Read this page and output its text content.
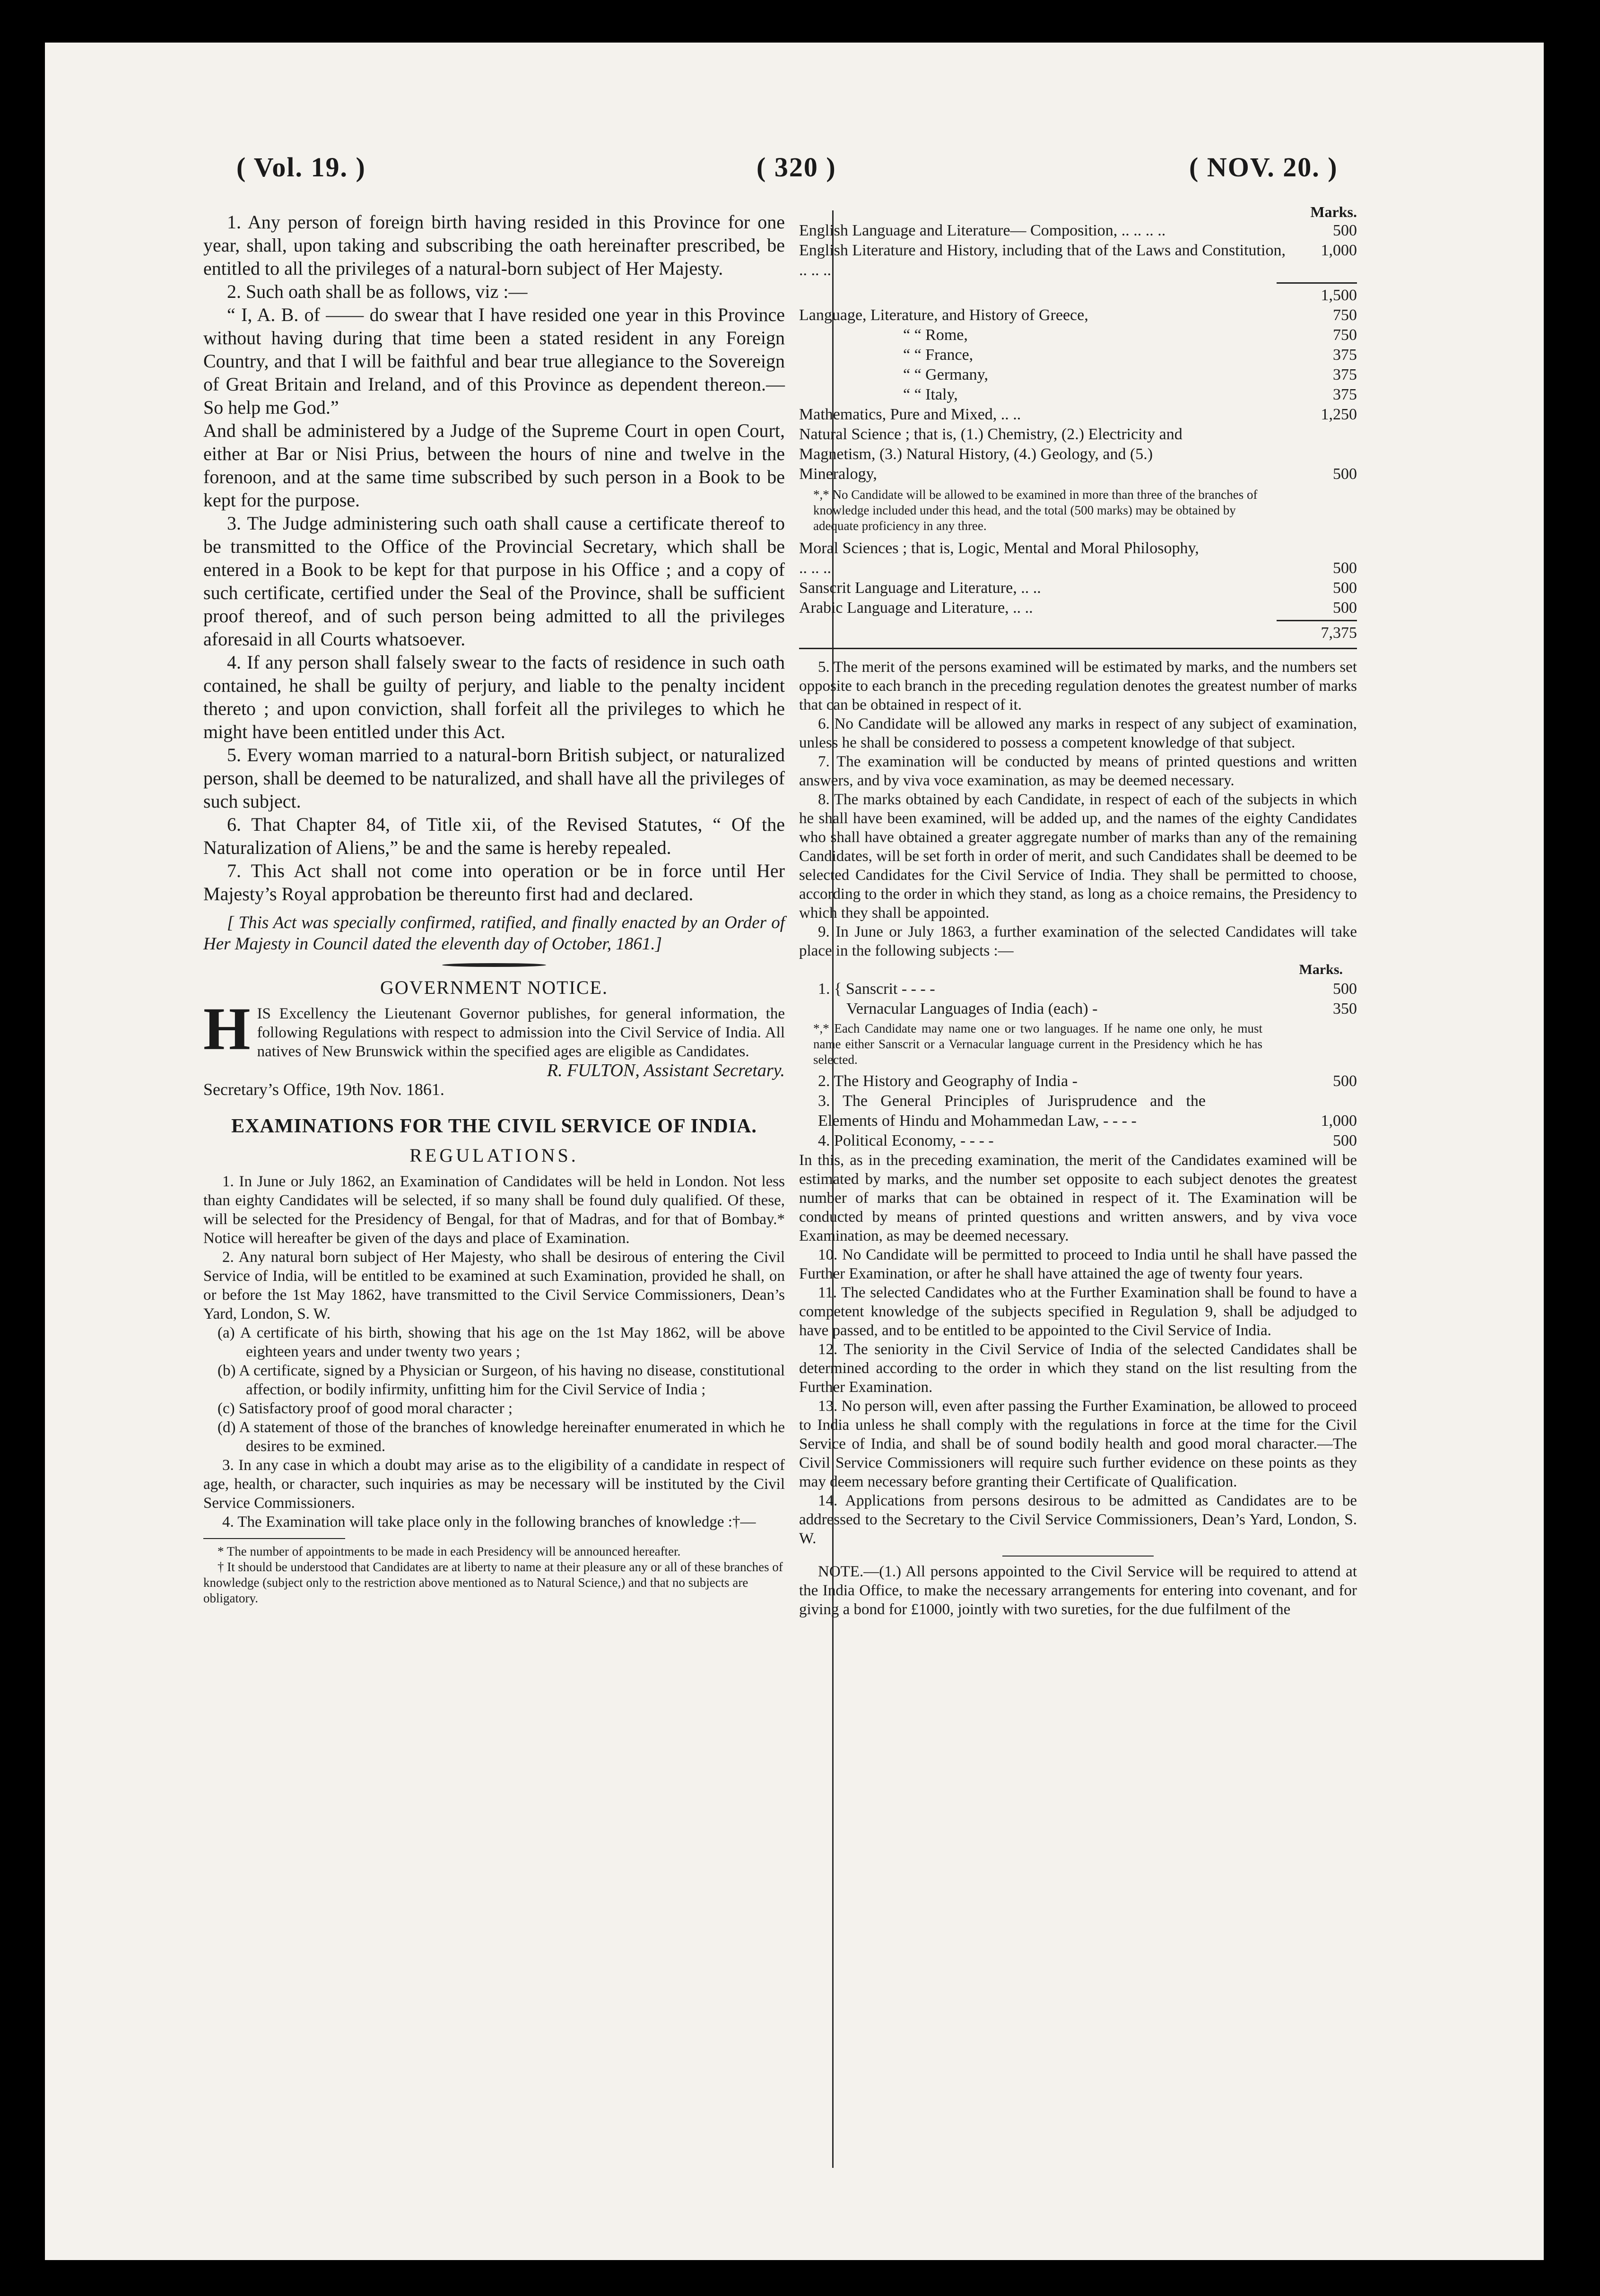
( Vol. 19. )	( 320 )	( NOV. 20. )

1. Any person of foreign birth having resided in this Province for one year, shall, upon taking and subscribing the oath hereinafter prescribed, be entitled to all the privileges of a natural-born subject of Her Majesty.

2. Such oath shall be as follows, viz :—

“ I, A. B. of —— do swear that I have resided one year in this Province without having during that time been a stated resident in any Foreign Country, and that I will be faithful and bear true allegiance to the Sovereign of Great Britain and Ireland, and of this Province as dependent thereon.— So help me God.”

And shall be administered by a Judge of the Supreme Court in open Court, either at Bar or Nisi Prius, between the hours of nine and twelve in the forenoon, and at the same time subscribed by such person in a Book to be kept for the purpose.

3. The Judge administering such oath shall cause a certificate thereof to be transmitted to the Office of the Provincial Secretary, which shall be entered in a Book to be kept for that purpose in his Office ; and a copy of such certificate, certified under the Seal of the Province, shall be sufficient proof thereof, and of such person being admitted to all the privileges aforesaid in all Courts whatsoever.

4. If any person shall falsely swear to the facts of residence in such oath contained, he shall be guilty of perjury, and liable to the penalty incident thereto ; and upon conviction, shall forfeit all the privileges to which he might have been entitled under this Act.

5. Every woman married to a natural-born British subject, or naturalized person, shall be deemed to be naturalized, and shall have all the privileges of such subject.

6. That Chapter 84, of Title xii, of the Revised Statutes, “ Of the Naturalization of Aliens,” be and the same is hereby repealed.

7. This Act shall not come into operation or be in force until Her Majesty’s Royal approbation be thereunto first had and declared.

[ This Act was specially confirmed, ratified, and finally enacted by an Order of Her Majesty in Council dated the eleventh day of October, 1861.]

GOVERNMENT NOTICE.
H IS Excellency the Lieutenant Governor publishes, for general information, the following Regulations with respect to admission into the Civil Service of India. All natives of New Brunswick within the specified ages are eligible as Candidates.

R. FULTON, Assistant Secretary.

Secretary’s Office, 19th Nov. 1861.

EXAMINATIONS FOR THE CIVIL SERVICE OF INDIA.
REGULATIONS.

1. In June or July 1862, an Examination of Candidates will be held in London. Not less than eighty Candidates will be selected, if so many shall be found duly qualified. Of these, will be selected for the Presidency of Bengal, for that of Madras, and for that of Bombay.* Notice will hereafter be given of the days and place of Examination.

2. Any natural born subject of Her Majesty, who shall be desirous of entering the Civil Service of India, will be entitled to be examined at such Examination, provided he shall, on or before the 1st May 1862, have transmitted to the Civil Service Commissioners, Dean’s Yard, London, S. W.

(a) A certificate of his birth, showing that his age on the 1st May 1862, will be above eighteen years and under twenty two years ;

(b) A certificate, signed by a Physician or Surgeon, of his having no disease, constitutional affection, or bodily infirmity, unfitting him for the Civil Service of India ;

(c) Satisfactory proof of good moral character ;

(d) A statement of those of the branches of knowledge hereinafter enumerated in which he desires to be exmined.

3. In any case in which a doubt may arise as to the eligibility of a candidate in respect of age, health, or character, such inquiries as may be necessary will be instituted by the Civil Service Commissioners.

4. The Examination will take place only in the following branches of knowledge :†—

* The number of appointments to be made in each Presidency will be announced hereafter.

† It should be understood that Candidates are at liberty to name at their pleasure any or all of these branches of knowledge (subject only to the restriction above mentioned as to Natural Science,) and that no subjects are obligatory.

Marks.
English Language and Literature— Composition, .. .. .. ..	500
English Literature and History, including that of the Laws and Constitution, .. .. ..
1,000
1,500
Language, Literature, and History of Greece,	750
“ “ Rome,	750
“ “ France,	375
“ “ Germany,	375
“ “ Italy,	375
Mathematics, Pure and Mixed, .. ..	1,250
Natural Science ; that is, (1.) Chemistry, (2.) Electricity and Magnetism, (3.) Natural History, (4.) Geology, and (5.) Mineralogy,	500

*,* No Candidate will be allowed to be examined in more than three of the branches of knowledge included under this head, and the total (500 marks) may be obtained by adequate proficiency in any three.

Moral Sciences ; that is, Logic, Mental and Moral Philosophy, .. .. ..	500
Sanscrit Language and Literature, .. ..	500
Arabic Language and Literature, .. ..	500
7,375

5. The merit of the persons examined will be estimated by marks, and the numbers set opposite to each branch in the preceding regulation denotes the greatest number of marks that can be obtained in respect of it.

6. No Candidate will be allowed any marks in respect of any subject of examination, unless he shall be considered to possess a competent knowledge of that subject.

7. The examination will be conducted by means of printed questions and written answers, and by viva voce examination, as may be deemed necessary.

8. The marks obtained by each Candidate, in respect of each of the subjects in which he shall have been examined, will be added up, and the names of the eighty Candidates who shall have obtained a greater aggregate number of marks than any of the remaining Candidates, will be set forth in order of merit, and such Candidates shall be deemed to be selected Candidates for the Civil Service of India. They shall be permitted to choose, according to the order in which they stand, as long as a choice remains, the Presidency to which they shall be appointed.

9. In June or July 1863, a further examination of the selected Candidates will take place in the following subjects :—

Marks.
1. { Sanscrit - - - -	500
Vernacular Languages of India (each) -	350

*,* Each Candidate may name one or two languages. If he name one only, he must name either Sanscrit or a Vernacular language current in the Presidency which he has selected.

2. The History and Geography of India -	500
3. The General Principles of Jurisprudence and the Elements of Hindu and Mohammedan Law, - - - -	1,000
4. Political Economy, - - - -	500

In this, as in the preceding examination, the merit of the Candidates examined will be estimated by marks, and the number set opposite to each subject denotes the greatest number of marks that can be obtained in respect of it. The Examination will be conducted by means of printed questions and written answers, and by viva voce Examination, as may be deemed necessary.

10. No Candidate will be permitted to proceed to India until he shall have passed the Further Examination, or after he shall have attained the age of twenty four years.

11. The selected Candidates who at the Further Examination shall be found to have a competent knowledge of the subjects specified in Regulation 9, shall be adjudged to have passed, and to be entitled to be appointed to the Civil Service of India.

12. The seniority in the Civil Service of India of the selected Candidates shall be determined according to the order in which they stand on the list resulting from the Further Examination.

13. No person will, even after passing the Further Examination, be allowed to proceed to India unless he shall comply with the regulations in force at the time for the Civil Service of India, and shall be of sound bodily health and good moral character.—The Civil Service Commissioners will require such further evidence on these points as they may deem necessary before granting their Certificate of Qualification.

14. Applications from persons desirous to be admitted as Candidates are to be addressed to the Secretary to the Civil Service Commissioners, Dean’s Yard, London, S. W.

NOTE.—(1.) All persons appointed to the Civil Service will be required to attend at the India Office, to make the necessary arrangements for entering into covenant, and for giving a bond for £1000, jointly with two sureties, for the due fulfilment of the
